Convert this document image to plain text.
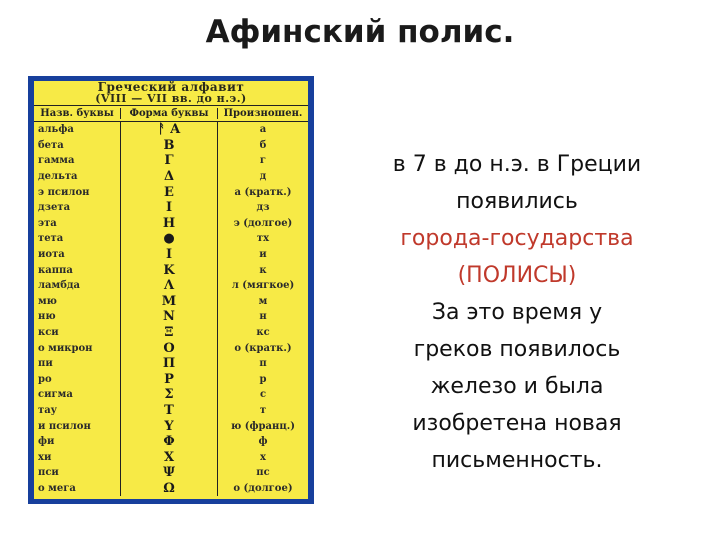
Афинский полис.
Греческий алфавит
(VIII — VII вв. до н.э.)
Назв. буквы	Форма буквы	Произношен.
альфа	ᚨ Α	а
бета	Β	б
гамма	Γ	г
дельта	Δ	д
э псилон	Ε	а (кратк.)
дзета	Ι	дз
эта	Η	э (долгое)
тета	●	тх
иота	Ι	и
каппа	Κ	к
ламбда	Λ	л (мягкое)
мю	Μ	м
ню	Ν	н
кси	Ξ	кс
о микрон	Ο	о (кратк.)
пи	Π	п
ро	Ρ	р
сигма	Σ	с
тау	Τ	т
и псилон	Υ	ю (франц.)
фи	Φ	ф
хи	Χ	х
пси	Ψ	пс
о мега	Ω	о (долгое)
в 7 в до н.э. в Греции
появились
города-государства
(ПОЛИСЫ)
За это время у
греков появилось
железо и была
изобретена новая
письменность.
